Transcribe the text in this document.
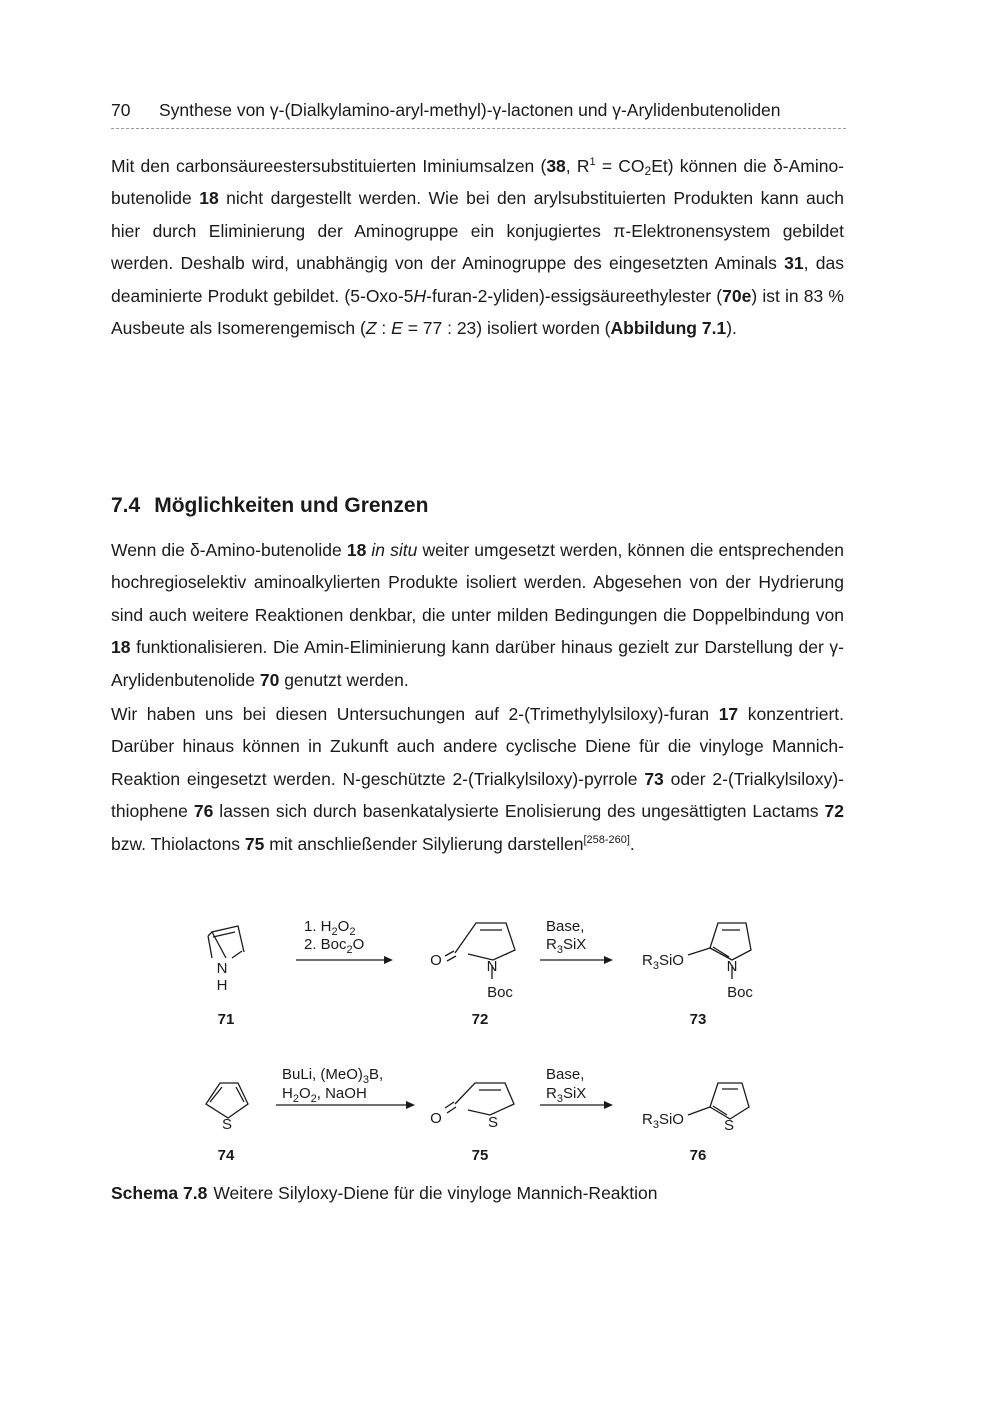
70 Synthese von γ-(Dialkylamino-aryl-methyl)-γ-lactonen und γ-Arylidenbutenoliden

Mit den carbonsäureestersubstituierten Iminiumsalzen (38, $R^1 = CO_2Et$) können die δ-Amino-butenolide 18 nicht dargestellt werden. Wie bei den arylsubstituierten Produkten kann auch hier durch Eliminierung der Aminogruppe ein konjugiertes π-Elektronensystem gebildet werden. Deshalb wird, unabhängig von der Aminogruppe des eingesetzten Aminals 31, das deaminierte Produkt gebildet. (5-Oxo-5H-furan-2-yliden)-essigsäureethylester (70e) ist in 83 % Ausbeute als Isomerengemisch (Z : E = 77 : 23) isoliert worden (Abbildung 7.1).

7.4 Möglichkeiten und Grenzen

Wenn die δ-Amino-butenolide 18 in situ weiter umgesetzt werden, können die entsprechenden hochregioselektiv aminoalkylierten Produkte isoliert werden. Abgesehen von der Hydrierung sind auch weitere Reaktionen denkbar, die unter milden Bedingungen die Doppelbindung von 18 funktionalisieren. Die Amin-Eliminierung kann darüber hinaus gezielt zur Darstellung der γ-Arylidenbutenolide 70 genutzt werden.

Wir haben uns bei diesen Untersuchungen auf 2-(Trimethylylsiloxy)-furan 17 konzentriert. Darüber hinaus können in Zukunft auch andere cyclische Diene für die vinyloge Mannich-Reaktion eingesetzt werden. N-geschützte 2-(Trialkylsiloxy)-pyrrole 73 oder 2-(Trialkylsiloxy)-thiophene 76 lassen sich durch basenkatalysierte Enolisierung des ungesättigten Lactams 72 bzw. Thiolactons 75 mit anschließender Silylierung darstellen[258-260].

N
H
1. $H_2O_2$
2. Boc$_2$O
O	N
Boc
Base,
$R_3SiX$
$R_3SiO$	N
Boc
S
BuLi, $(MeO)_3B$,
$H_2O_2$, NaOH
O	S
Base,
$R_3SiX$
$R_3SiO$	S
71	72	73
74	75	76

Schema 7.8 Weitere Silyloxy-Diene für die vinyloge Mannich-Reaktion
